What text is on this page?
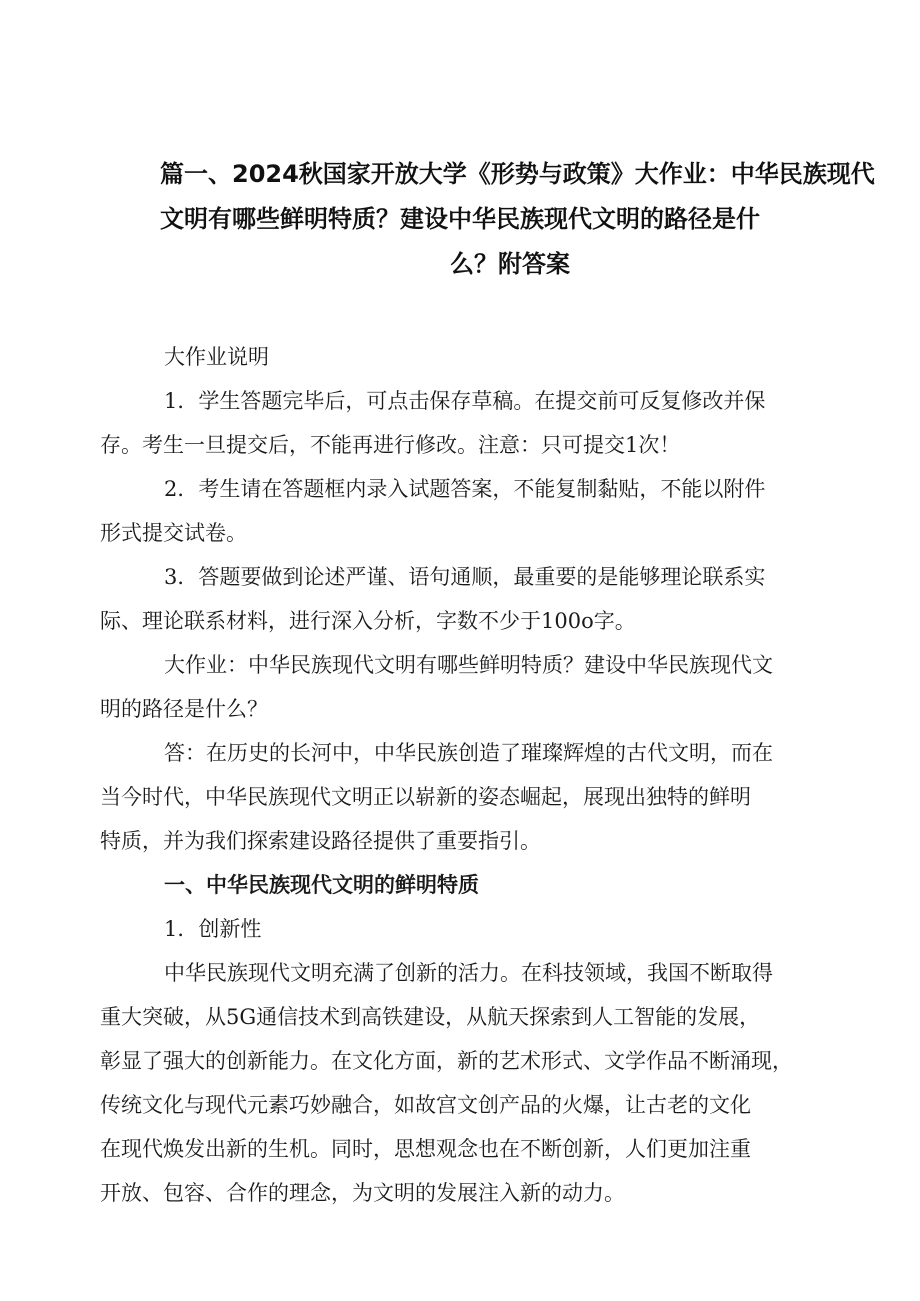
篇一、2024秋国家开放大学《形势与政策》大作业：中华民族现代
文明有哪些鲜明特质？建设中华民族现代文明的路径是什
么？附答案

大作业说明

1．学生答题完毕后，可点击保存草稿。在提交前可反复修改并保
存。考生一旦提交后，不能再进行修改。注意：只可提交1次！

2．考生请在答题框内录入试题答案，不能复制黏贴，不能以附件
形式提交试卷。

3．答题要做到论述严谨、语句通顺，最重要的是能够理论联系实
际、理论联系材料，进行深入分析，字数不少于100o字。

大作业：中华民族现代文明有哪些鲜明特质？建设中华民族现代文
明的路径是什么？

答：在历史的长河中，中华民族创造了璀璨辉煌的古代文明，而在
当今时代，中华民族现代文明正以崭新的姿态崛起，展现出独特的鲜明
特质，并为我们探索建设路径提供了重要指引。

一、中华民族现代文明的鲜明特质

1．创新性

中华民族现代文明充满了创新的活力。在科技领域，我国不断取得
重大突破，从5G通信技术到高铁建设，从航天探索到人工智能的发展，
彰显了强大的创新能力。在文化方面，新的艺术形式、文学作品不断涌现，
传统文化与现代元素巧妙融合，如故宫文创产品的火爆，让古老的文化
在现代焕发出新的生机。同时，思想观念也在不断创新，人们更加注重
开放、包容、合作的理念，为文明的发展注入新的动力。
